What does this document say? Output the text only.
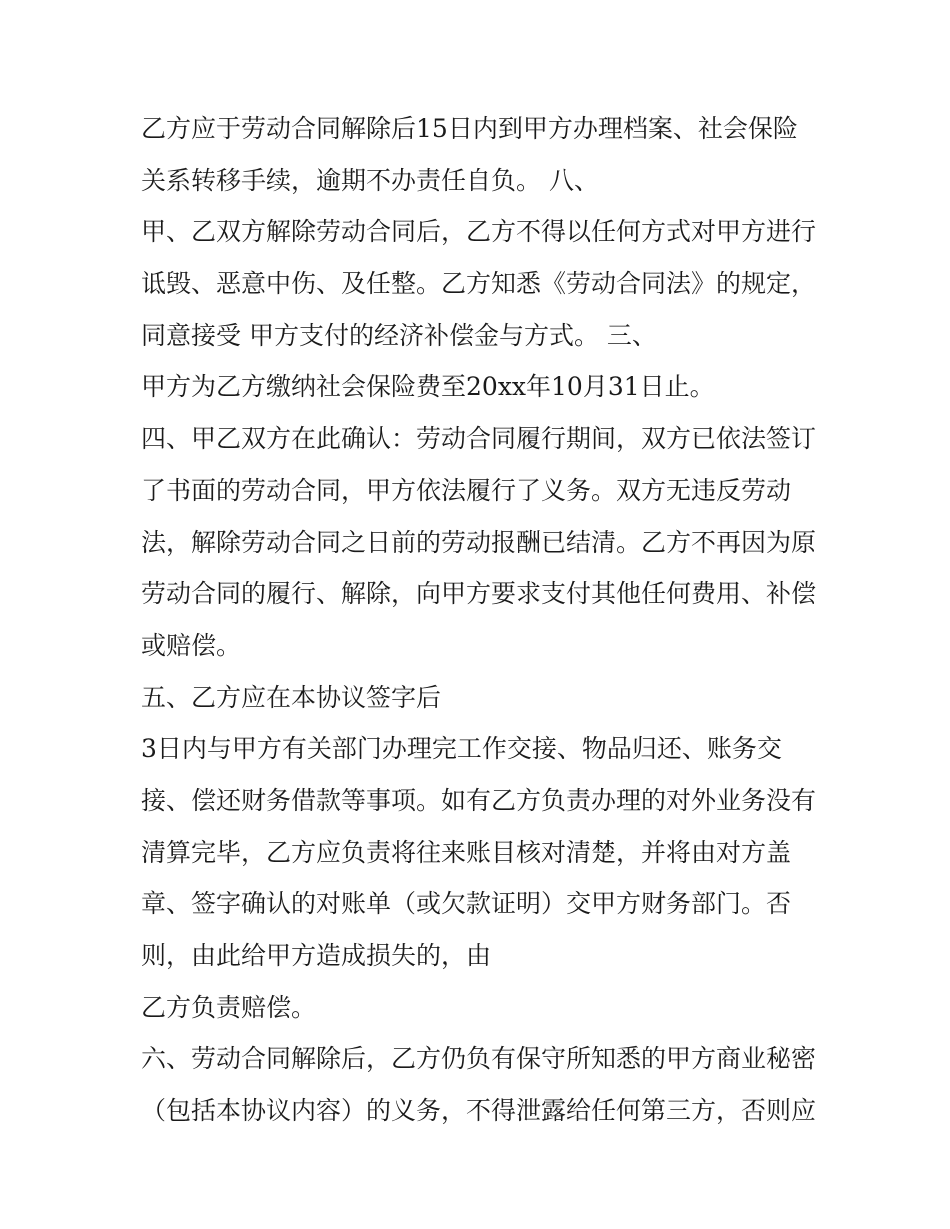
乙方应于劳动合同解除后15日内到甲方办理档案、社会保险

关系转移手续，逾期不办责任自负。 八、

甲、乙双方解除劳动合同后，乙方不得以任何方式对甲方进行

诋毁、恶意中伤、及任整。乙方知悉《劳动合同法》的规定，

同意接受 甲方支付的经济补偿金与方式。 三、

甲方为乙方缴纳社会保险费至20xx年10月31日止。

四、甲乙双方在此确认：劳动合同履行期间，双方已依法签订

了书面的劳动合同，甲方依法履行了义务。双方无违反劳动

法，解除劳动合同之日前的劳动报酬已结清。乙方不再因为原

劳动合同的履行、解除，向甲方要求支付其他任何费用、补偿

或赔偿。

五、乙方应在本协议签字后

3日内与甲方有关部门办理完工作交接、物品归还、账务交

接、偿还财务借款等事项。如有乙方负责办理的对外业务没有

清算完毕，乙方应负责将往来账目核对清楚，并将由对方盖

章、签字确认的对账单（或欠款证明）交甲方财务部门。否

则，由此给甲方造成损失的，由

乙方负责赔偿。

六、劳动合同解除后，乙方仍负有保守所知悉的甲方商业秘密

（包括本协议内容）的义务，不得泄露给任何第三方，否则应
